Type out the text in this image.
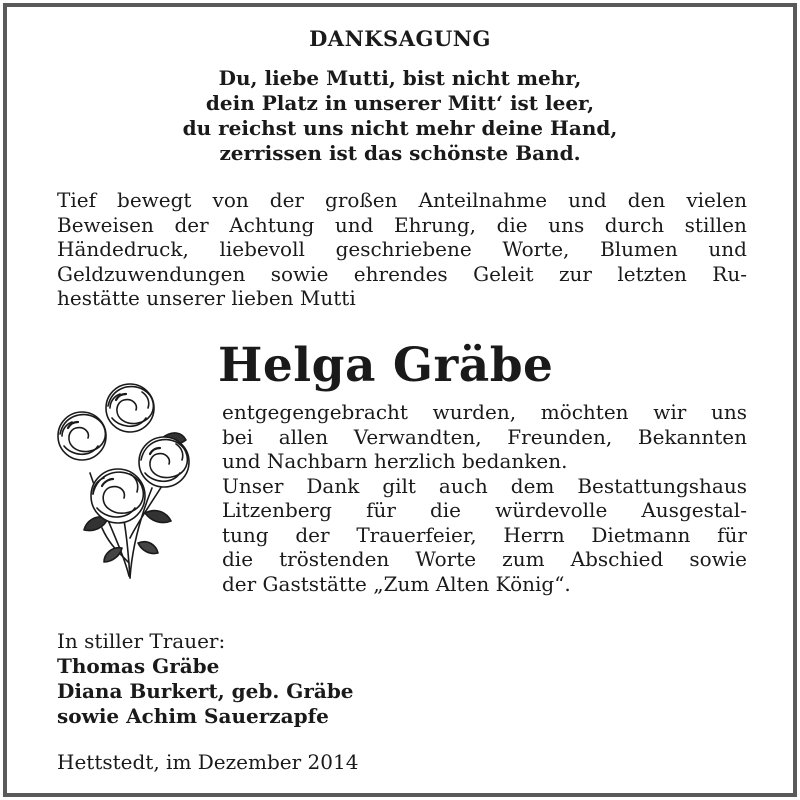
DANKSAGUNG
Du, liebe Mutti, bist nicht mehr,
dein Platz in unserer Mitt‘ ist leer,
du reichst uns nicht mehr deine Hand,
zerrissen ist das schönste Band.
Tief bewegt von der großen Anteilnahme und den vielen
Beweisen der Achtung und Ehrung, die uns durch stillen
Händedruck, liebevoll geschriebene Worte, Blumen und
Geldzuwendungen sowie ehrendes Geleit zur letzten Ru-
hestätte unserer lieben Mutti
Helga Gräbe
entgegengebracht wurden, möchten wir uns
bei allen Verwandten, Freunden, Bekannten
und Nachbarn herzlich bedanken.
Unser Dank gilt auch dem Bestattungshaus
Litzenberg für die würdevolle Ausgestal-
tung der Trauerfeier, Herrn Dietmann für
die tröstenden Worte zum Abschied sowie
der Gaststätte „Zum Alten König“.
In stiller Trauer:
Thomas Gräbe
Diana Burkert, geb. Gräbe
sowie Achim Sauerzapfe
Hettstedt, im Dezember 2014
